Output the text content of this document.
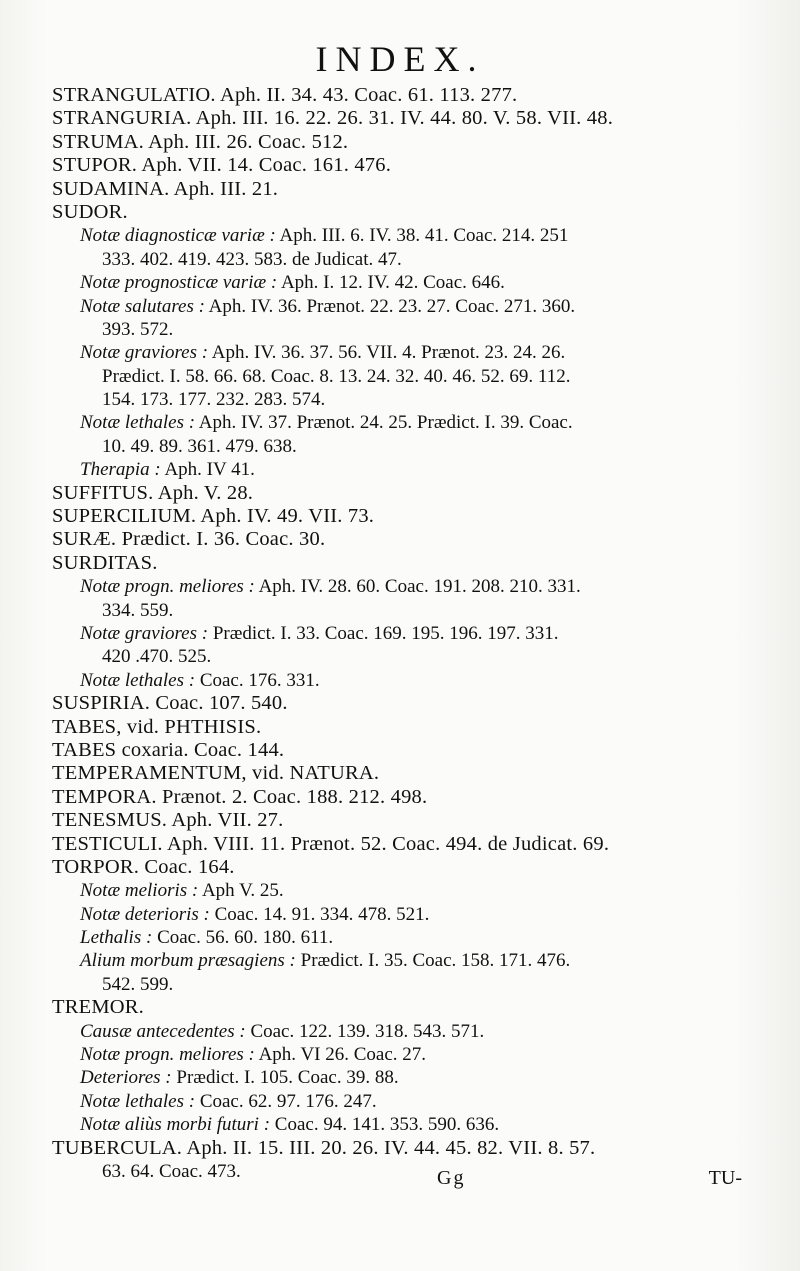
INDEX.
STRANGULATIO. Aph. II. 34. 43. Coac. 61. 113. 277.
STRANGURIA. Aph. III. 16. 22. 26. 31. IV. 44. 80. V. 58. VII. 48.
STRUMA. Aph. III. 26. Coac. 512.
STUPOR. Aph. VII. 14. Coac. 161. 476.
SUDAMINA. Aph. III. 21.
SUDOR.
Notæ diagnosticæ variæ : Aph. III. 6. IV. 38. 41. Coac. 214. 251
333. 402. 419. 423. 583. de Judicat. 47.
Notæ prognosticæ variæ : Aph. I. 12. IV. 42. Coac. 646.
Notæ salutares : Aph. IV. 36. Prænot. 22. 23. 27. Coac. 271. 360.
393. 572.
Notæ graviores : Aph. IV. 36. 37. 56. VII. 4. Prænot. 23. 24. 26.
Prædict. I. 58. 66. 68. Coac. 8. 13. 24. 32. 40. 46. 52. 69. 112.
154. 173. 177. 232. 283. 574.
Notæ lethales : Aph. IV. 37. Prænot. 24. 25. Prædict. I. 39. Coac.
10. 49. 89. 361. 479. 638.
Therapia : Aph. IV 41.
SUFFITUS. Aph. V. 28.
SUPERCILIUM. Aph. IV. 49. VII. 73.
SURÆ. Prædict. I. 36. Coac. 30.
SURDITAS.
Notæ progn. meliores : Aph. IV. 28. 60. Coac. 191. 208. 210. 331.
334. 559.
Notæ graviores : Prædict. I. 33. Coac. 169. 195. 196. 197. 331.
420 .470. 525.
Notæ lethales : Coac. 176. 331.
SUSPIRIA. Coac. 107. 540.
TABES, vid. PHTHISIS.
TABES coxaria. Coac. 144.
TEMPERAMENTUM, vid. NATURA.
TEMPORA. Prænot. 2. Coac. 188. 212. 498.
TENESMUS. Aph. VII. 27.
TESTICULI. Aph. VIII. 11. Prænot. 52. Coac. 494. de Judicat. 69.
TORPOR. Coac. 164.
Notæ melioris : Aph V. 25.
Notæ deterioris : Coac. 14. 91. 334. 478. 521.
Lethalis : Coac. 56. 60. 180. 611.
Alium morbum præsagiens : Prædict. I. 35. Coac. 158. 171. 476.
542. 599.
TREMOR.
Causæ antecedentes : Coac. 122. 139. 318. 543. 571.
Notæ progn. meliores : Aph. VI 26. Coac. 27.
Deteriores : Prædict. I. 105. Coac. 39. 88.
Notæ lethales : Coac. 62. 97. 176. 247.
Notæ aliùs morbi futuri : Coac. 94. 141. 353. 590. 636.
TUBERCULA. Aph. II. 15. III. 20. 26. IV. 44. 45. 82. VII. 8. 57.
63. 64. Coac. 473.	Gg	TU-
